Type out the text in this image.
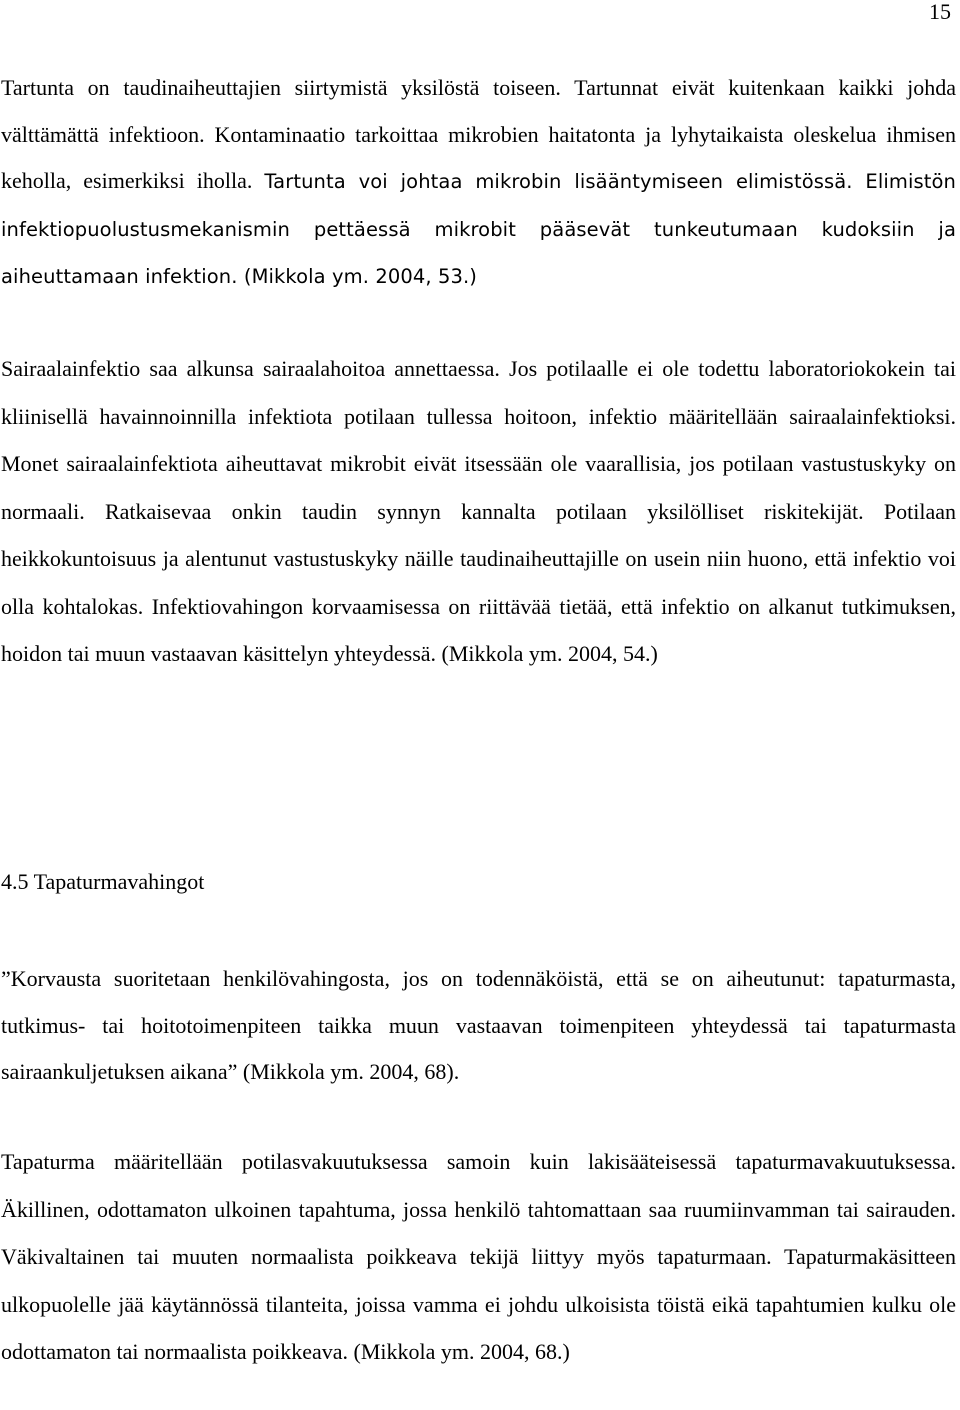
15

Tartunta on taudinaiheuttajien siirtymistä yksilöstä toiseen. Tartunnat eivät kuitenkaan kaikki johda välttämättä infektioon. Kontaminaatio tarkoittaa mikrobien haitatonta ja lyhytaikaista oleskelua ihmisen keholla, esimerkiksi iholla. Tartunta voi johtaa mikrobin lisääntymiseen elimistössä. Elimistön infektiopuolustusmekanismin pettäessä mikrobit pääsevät tunkeutumaan kudoksiin ja aiheuttamaan infektion. (Mikkola ym. 2004, 53.)

Sairaalainfektio saa alkunsa sairaalahoitoa annettaessa. Jos potilaalle ei ole todettu laboratoriokokein tai kliinisellä havainnoinnilla infektiota potilaan tullessa hoitoon, infektio määritellään sairaalainfektioksi. Monet sairaalainfektiota aiheuttavat mikrobit eivät itsessään ole vaarallisia, jos potilaan vastustuskyky on normaali. Ratkaisevaa onkin taudin synnyn kannalta potilaan yksilölliset riskitekijät. Potilaan heikkokuntoisuus ja alentunut vastustuskyky näille taudinaiheuttajille on usein niin huono, että infektio voi olla kohtalokas. Infektiovahingon korvaamisessa on riittävää tietää, että infektio on alkanut tutkimuksen, hoidon tai muun vastaavan käsittelyn yhteydessä. (Mikkola ym. 2004, 54.)

4.5 Tapaturmavahingot

”Korvausta suoritetaan henkilövahingosta, jos on todennäköistä, että se on aiheutunut: tapaturmasta, tutkimus- tai hoitotoimenpiteen taikka muun vastaavan toimenpiteen yhteydessä tai tapaturmasta sairaankuljetuksen aikana” (Mikkola ym. 2004, 68).

Tapaturma määritellään potilasvakuutuksessa samoin kuin lakisääteisessä tapaturmavakuutuksessa. Äkillinen, odottamaton ulkoinen tapahtuma, jossa henkilö tahtomattaan saa ruumiinvamman tai sairauden. Väkivaltainen tai muuten normaalista poikkeava tekijä liittyy myös tapaturmaan. Tapaturmakäsitteen ulkopuolelle jää käytännössä tilanteita, joissa vamma ei johdu ulkoisista töistä eikä tapahtumien kulku ole odottamaton tai normaalista poikkeava. (Mikkola ym. 2004, 68.)
